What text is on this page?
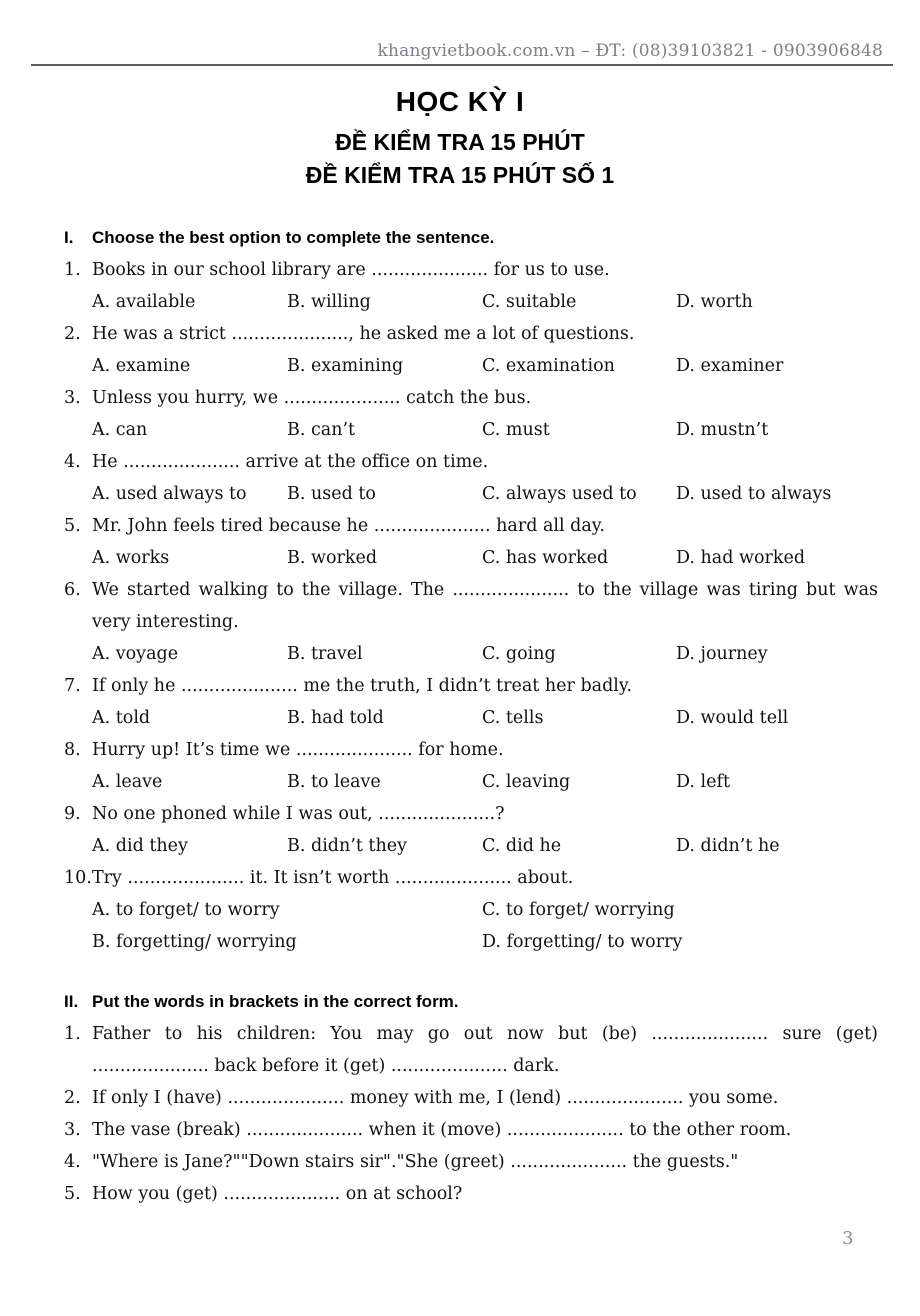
khangvietbook.com.vn – ĐT: (08)39103821 - 0903906848
HỌC KỲ I
ĐỀ KIỂM TRA 15 PHÚT
ĐỀ KIỂM TRA 15 PHÚT SỐ 1
I.	Choose the best option to complete the sentence.
1. Books in our school library are ..................... for us to use.
A. available	B. willing	C. suitable	D. worth
2. He was a strict ....................., he asked me a lot of questions.
A. examine	B. examining	C. examination	D. examiner
3. Unless you hurry, we ..................... catch the bus.
A. can	B. can’t	C. must	D. mustn’t
4. He ..................... arrive at the office on time.
A. used always to B. used to	C. always used to D. used to always
5. Mr. John feels tired because he ..................... hard all day.
A. works	B. worked	C. has worked	D. had worked
6. We started walking to the village. The ..................... to the village was tiring but was very interesting.
A. voyage	B. travel	C. going	D. journey
7. If only he ..................... me the truth, I didn’t treat her badly.
A. told	B. had told	C. tells	D. would tell
8. Hurry up! It’s time we ..................... for home.
A. leave	B. to leave	C. leaving	D. left
9. No one phoned while I was out, .....................?
A. did they	B. didn’t they	C. did he	D. didn’t he
10. Try ..................... it. It isn’t worth ..................... about.
A. to forget/ to worry	C. to forget/ worrying
B. forgetting/ worrying	D. forgetting/ to worry
II. Put the words in brackets in the correct form.
1. Father to his children: You may go out now but (be) ..................... sure (get) ..................... back before it (get) ..................... dark.
2. If only I (have) ..................... money with me, I (lend) ..................... you some.
3. The vase (break) ..................... when it (move) ..................... to the other room.
4. "Where is Jane?""Down stairs sir"."She (greet) ..................... the guests."
5. How you (get) ..................... on at school?
3
